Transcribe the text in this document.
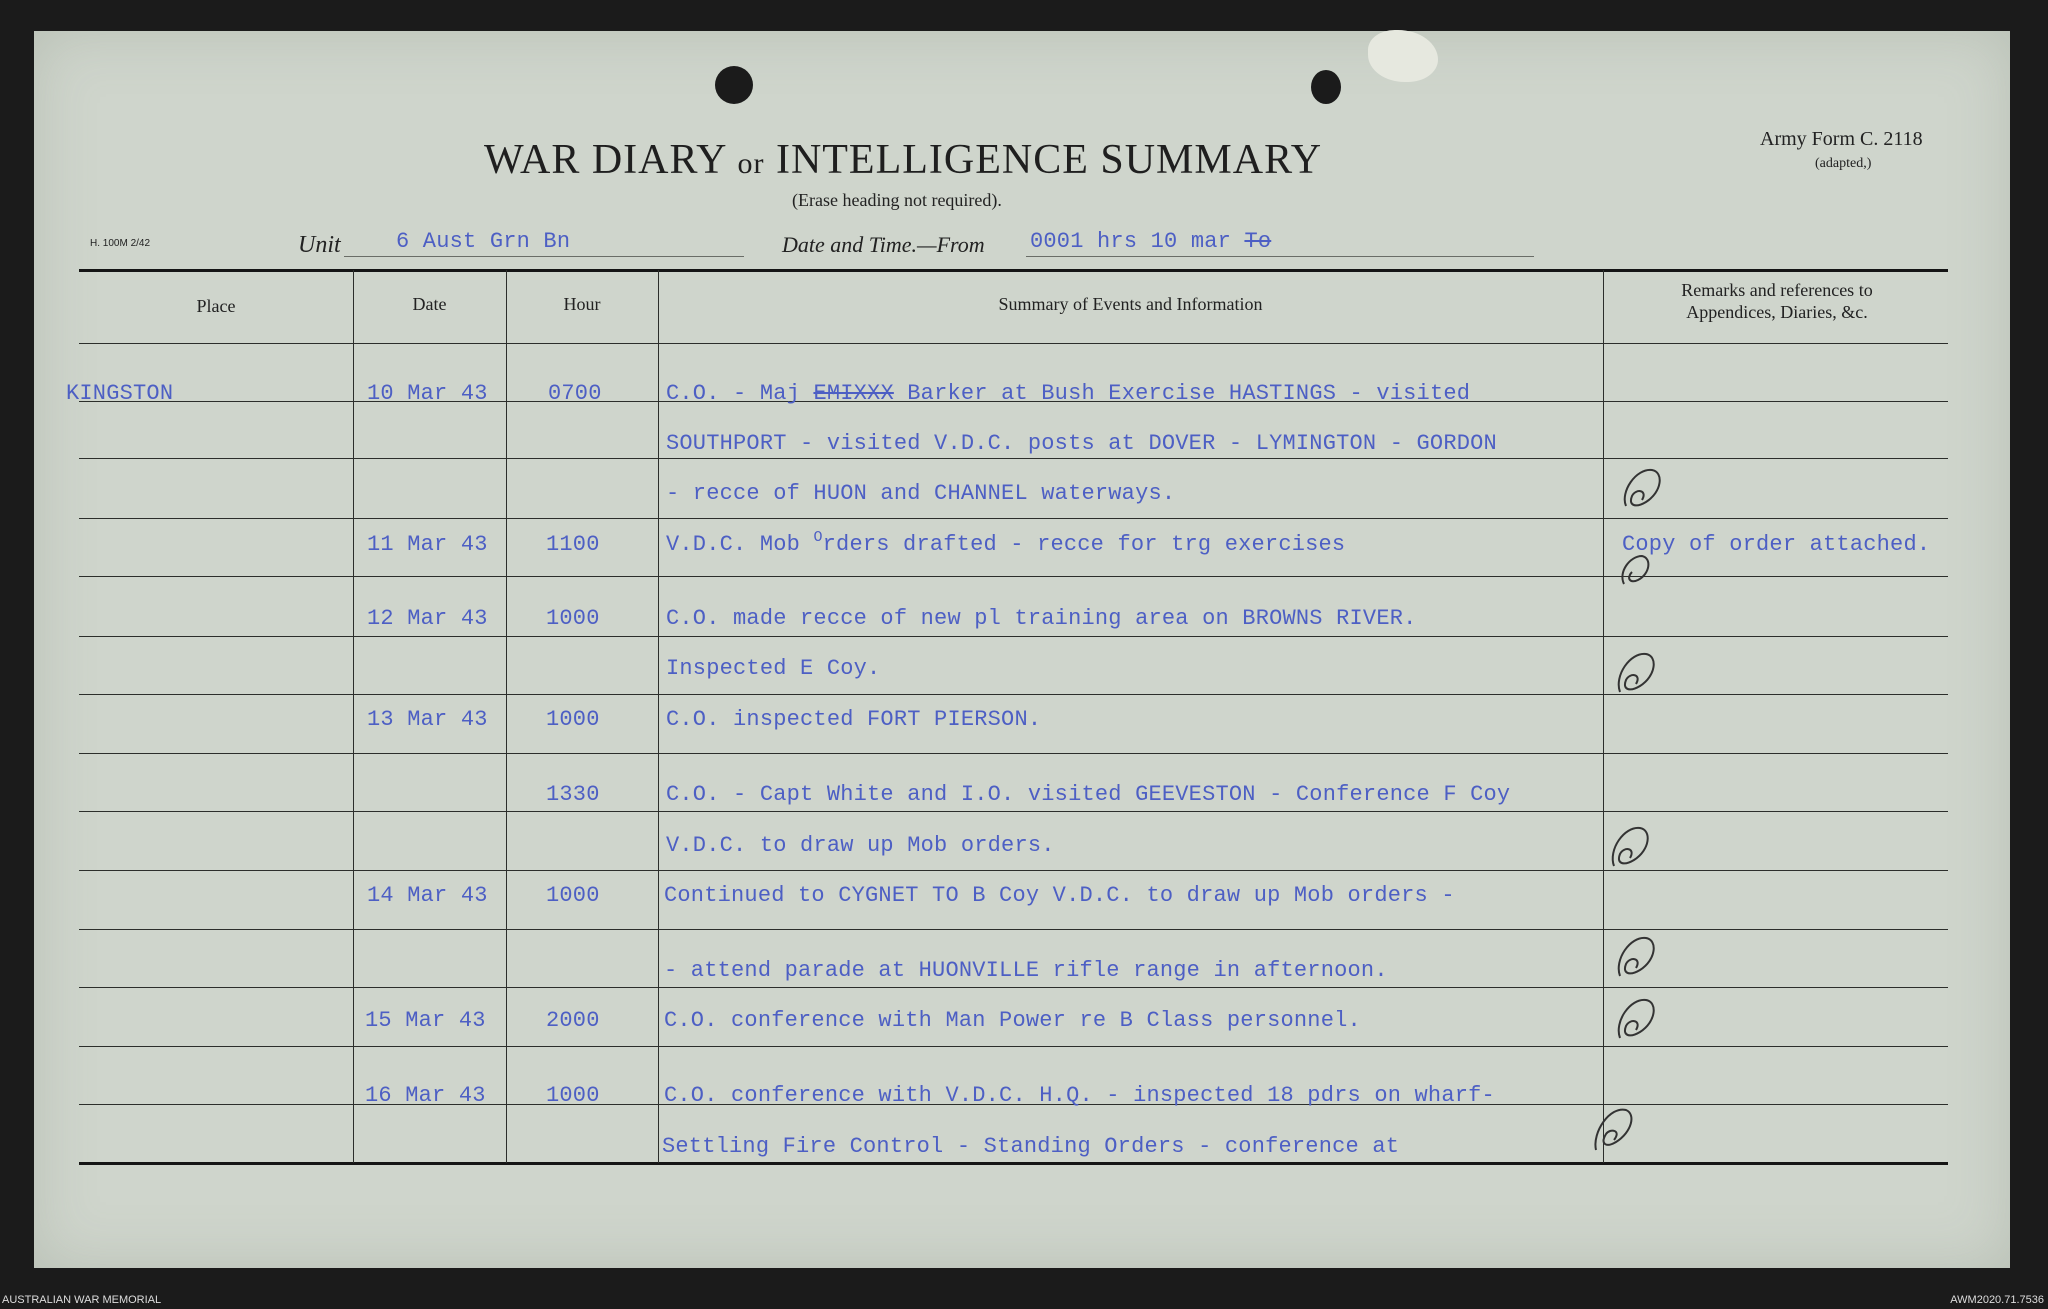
WAR DIARY or INTELLIGENCE SUMMARY
(Erase heading not required).
Army Form C. 2118
(adapted,)
H. 100M 2/42	Unit	6 Aust Grn Bn	Date and Time.—From 0001 hrs 10 mar To
Place	Date	Hour	Summary of Events and Information
Remarks and references to
Appendices, Diaries, &c.
KINGSTON	10 Mar 43	0700	C.O. - Maj EMIXXX Barker at Bush Exercise HASTINGS - visited
SOUTHPORT - visited V.D.C. posts at DOVER - LYMINGTON - GORDON
- recce of HUON and CHANNEL waterways.
11 Mar 43	1100	V.D.C. Mob $^O$rders drafted - recce for trg exercises	Copy of order attached.
12 Mar 43	1000	C.O. made recce of new pl training area on BROWNS RIVER.
Inspected E Coy.
13 Mar 43	1000	C.O. inspected FORT PIERSON.
1330	C.O. - Capt White and I.O. visited GEEVESTON - Conference F Coy
V.D.C. to draw up Mob orders.
14 Mar 43	1000	Continued to CYGNET TO B Coy V.D.C. to draw up Mob orders -
- attend parade at HUONVILLE rifle range in afternoon.
15 Mar 43	2000	C.O. conference with Man Power re B Class personnel.
16 Mar 43	1000	C.O. conference with V.D.C. H.Q. - inspected 18 pdrs on wharf-
Settling Fire Control - Standing Orders - conference at
AUSTRALIAN WAR MEMORIAL	AWM2020.71.7536
